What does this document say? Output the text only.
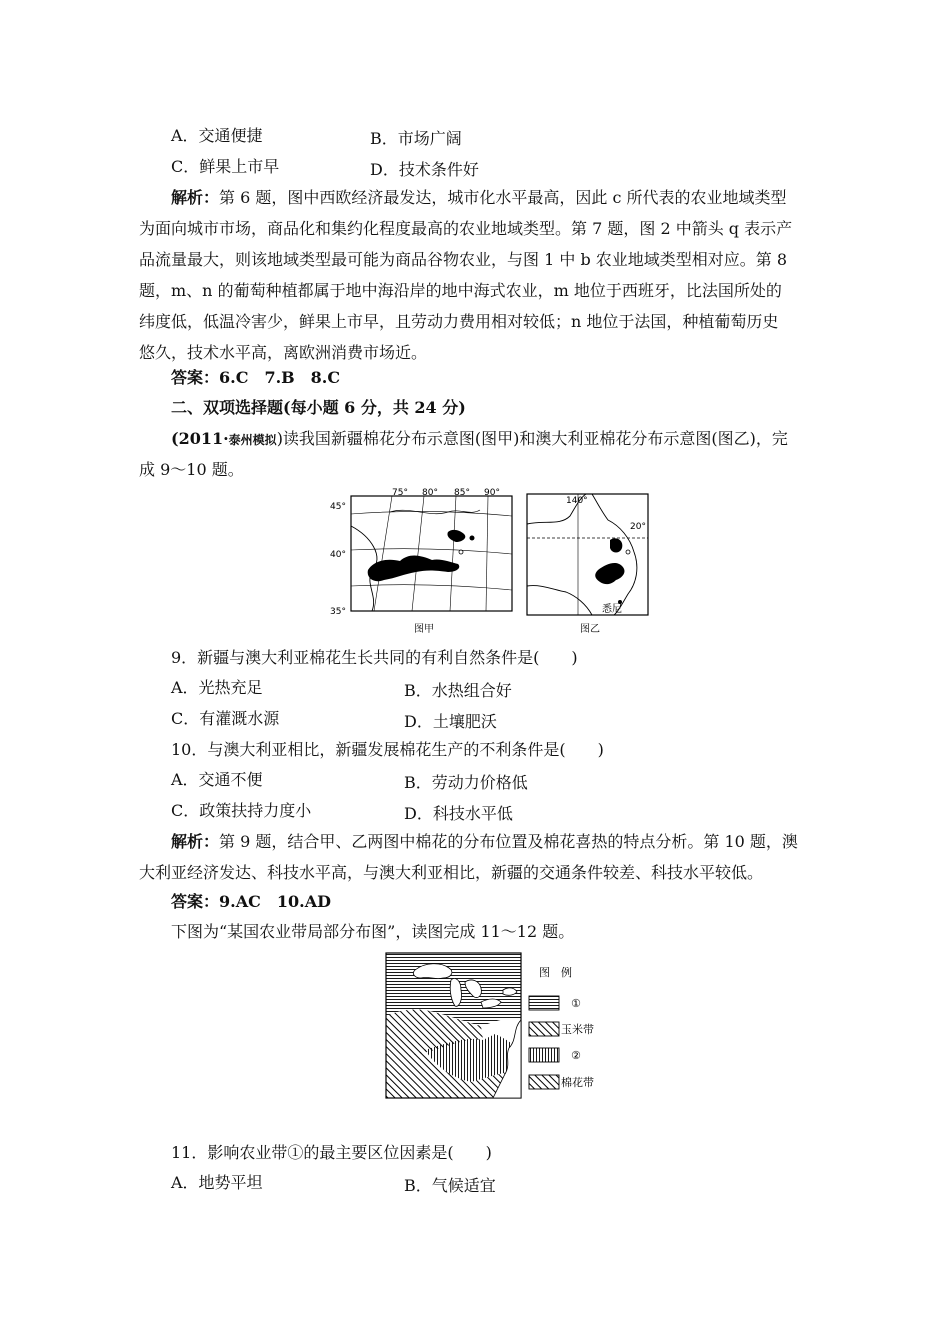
A．交通便捷	B．市场广阔
C．鲜果上市早	D．技术条件好
解析：第 6 题，图中西欧经济最发达，城市化水平最高，因此 c 所代表的农业地域类型
为面向城市市场，商品化和集约化程度最高的农业地域类型。第 7 题，图 2 中箭头 q 表示产
品流量最大，则该地域类型最可能为商品谷物农业，与图 1 中 b 农业地域类型相对应。第 8
题，m、n 的葡萄种植都属于地中海沿岸的地中海式农业，m 地位于西班牙，比法国所处的
纬度低，低温冷害少，鲜果上市早，且劳动力费用相对较低；n 地位于法国，种植葡萄历史
悠久，技术水平高，离欧洲消费市场近。
答案：6.C　7.B　8.C
二、双项选择题(每小题 6 分，共 24 分)
(2011·泰州模拟)读我国新疆棉花分布示意图(图甲)和澳大利亚棉花分布示意图(图乙)，完
成 9～10 题。
45°
40°
35°
75° 80° 85° 90°
图甲
140°
20°
悉尼
图乙
9．新疆与澳大利亚棉花生长共同的有利自然条件是(　　)
A．光热充足	B．水热组合好
C．有灌溉水源	D．土壤肥沃
10．与澳大利亚相比，新疆发展棉花生产的不利条件是(　　)
A．交通不便	B．劳动力价格低
C．政策扶持力度小	D．科技水平低
解析：第 9 题，结合甲、乙两图中棉花的分布位置及棉花喜热的特点分析。第 10 题，澳
大利亚经济发达、科技水平高，与澳大利亚相比，新疆的交通条件较差、科技水平较低。
答案：9.AC　10.AD
下图为“某国农业带局部分布图”，读图完成 11～12 题。
图　例
①
玉米带
②
棉花带
11．影响农业带①的最主要区位因素是(　　)
A．地势平坦	B．气候适宜
